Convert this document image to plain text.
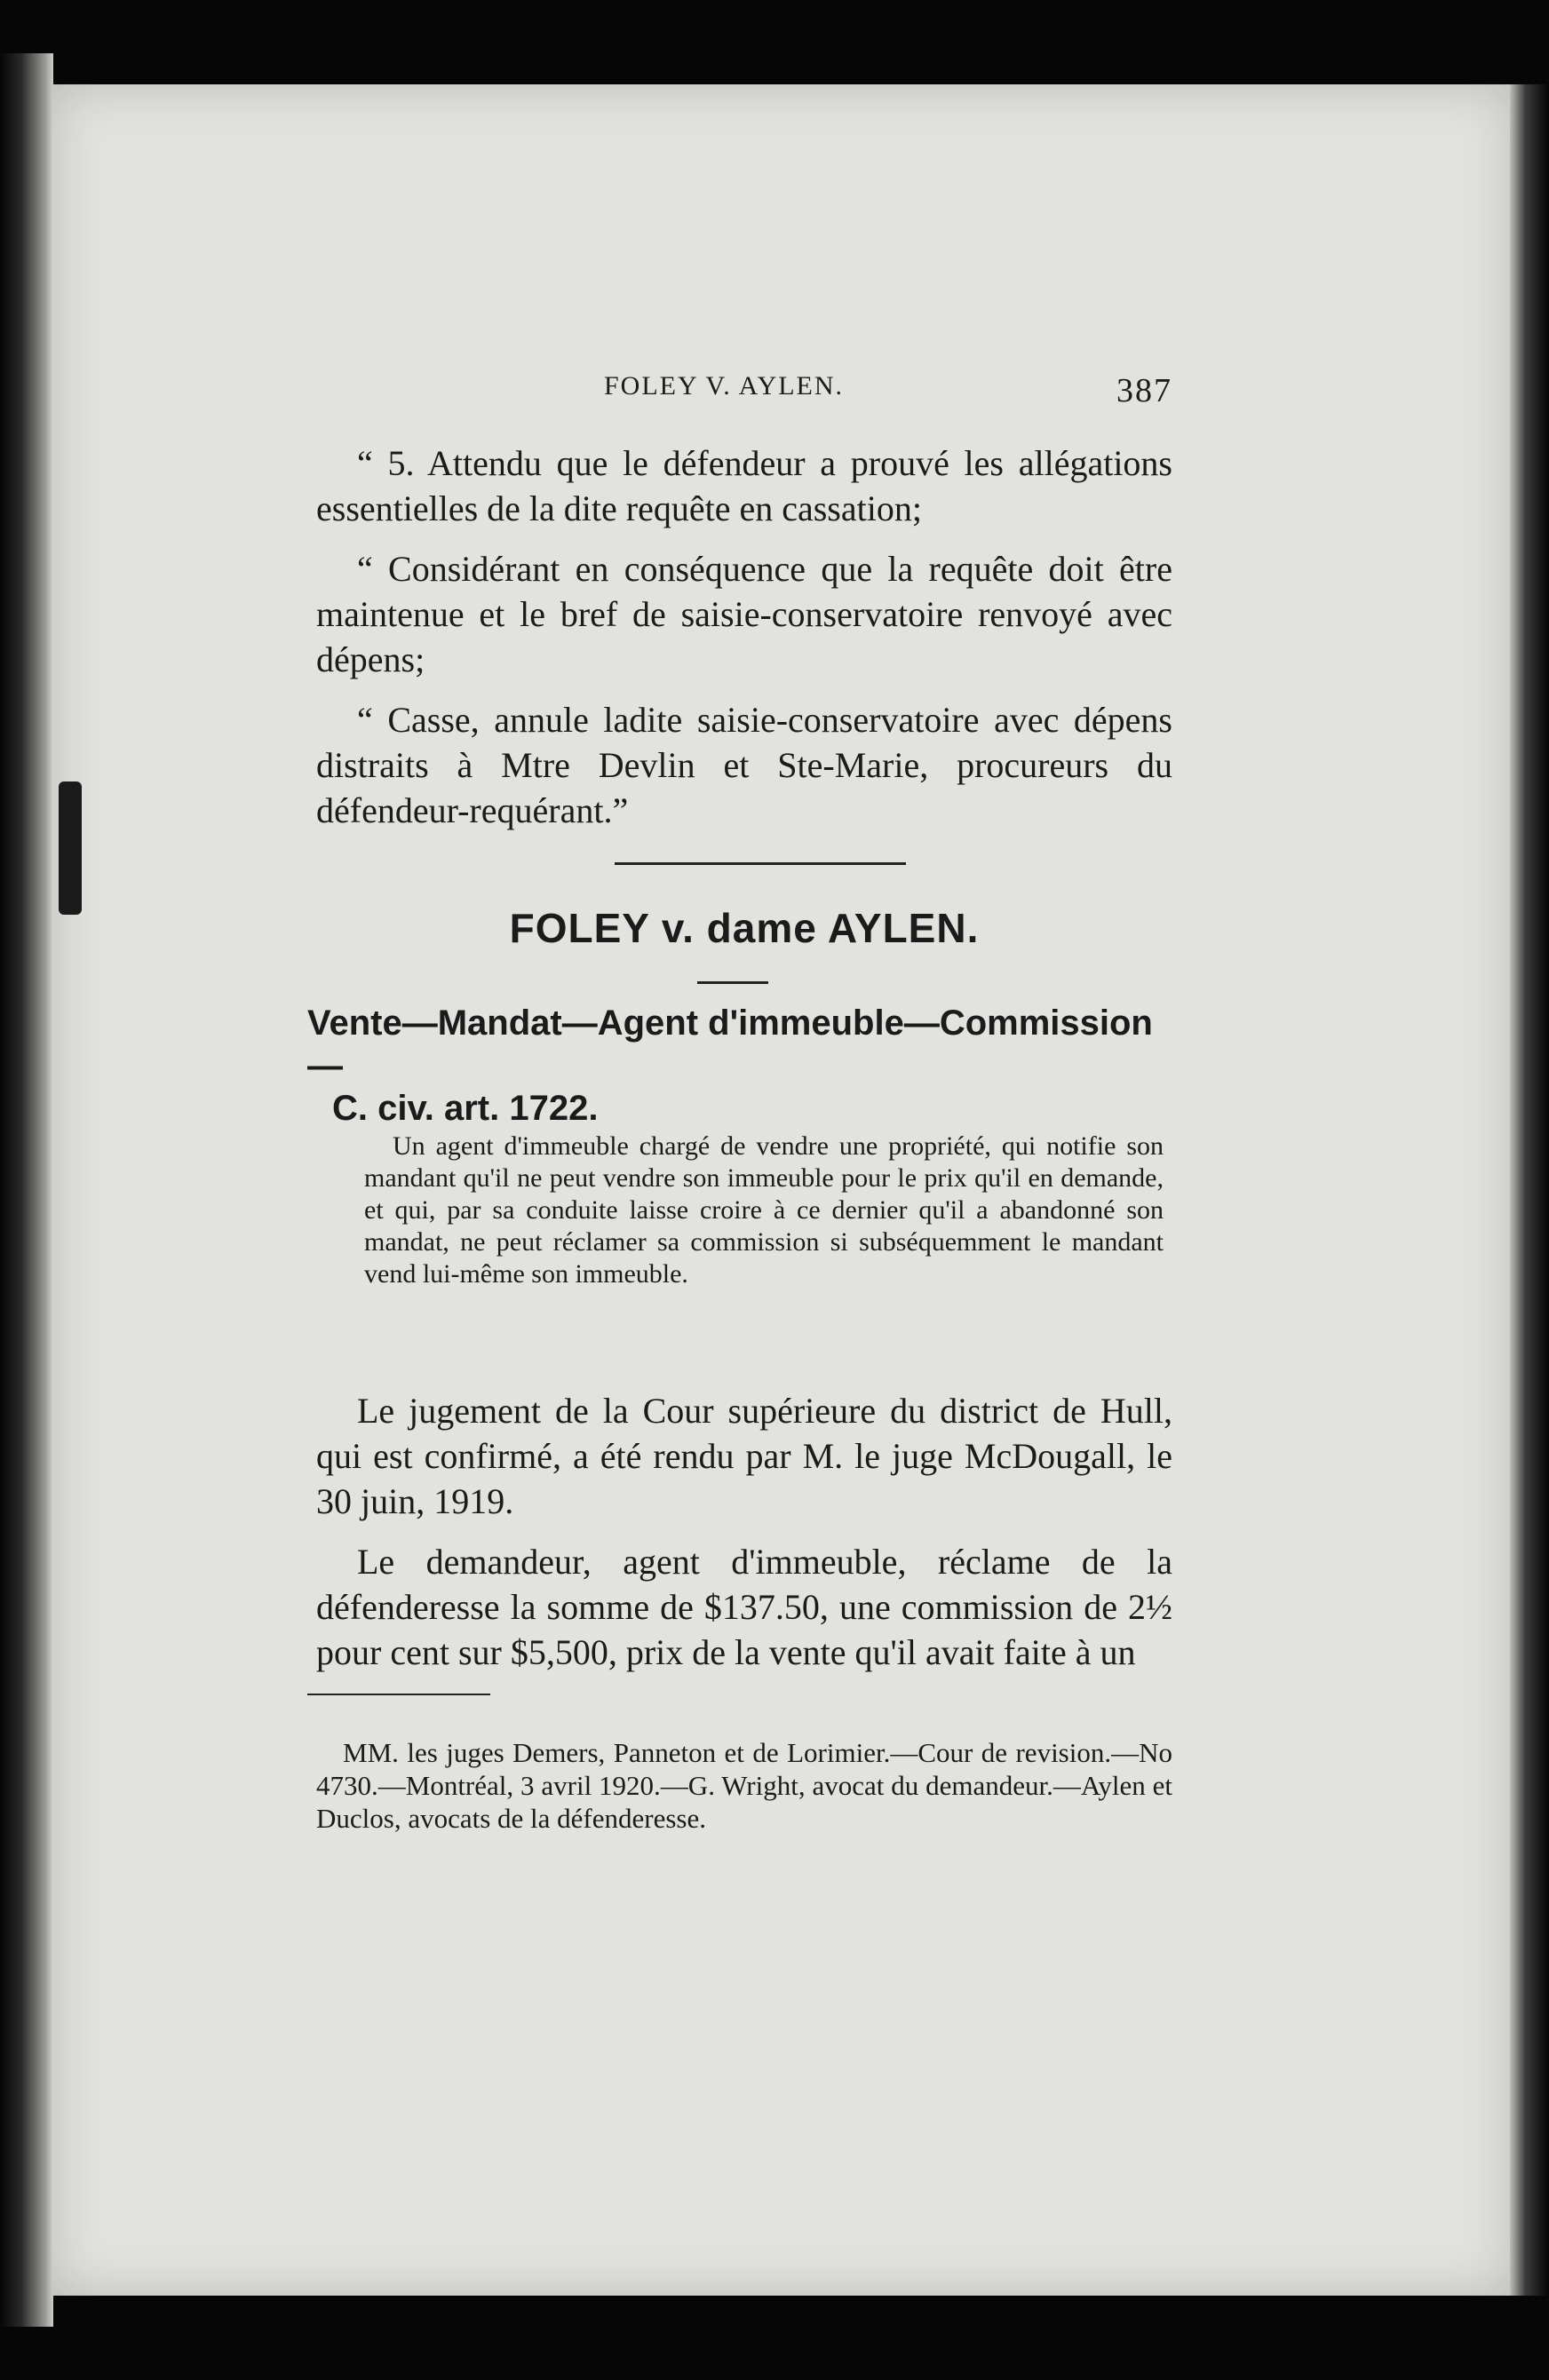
FOLEY V. AYLEN.	387

“ 5. Attendu que le défendeur a prouvé les allégations essentielles de la dite requête en cassation;

“ Considérant en conséquence que la requête doit être maintenue et le bref de saisie-conservatoire renvoyé avec dépens;

“ Casse, annule ladite saisie-conservatoire avec dépens distraits à Mtre Devlin et Ste-Marie, procureurs du défendeur-requérant.”

FOLEY v. dame AYLEN.
Vente—Mandat—Agent d'immeuble—Commission—
C. civ. art. 1722.
Un agent d'immeuble chargé de vendre une propriété, qui notifie son mandant qu'il ne peut vendre son immeuble pour le prix qu'il en demande, et qui, par sa conduite laisse croire à ce dernier qu'il a abandonné son mandat, ne peut réclamer sa commission si subséquemment le mandant vend lui-même son immeuble.

Le jugement de la Cour supérieure du district de Hull, qui est confirmé, a été rendu par M. le juge McDougall, le 30 juin, 1919.

Le demandeur, agent d'immeuble, réclame de la défenderesse la somme de $137.50, une commission de 2½ pour cent sur $5,500, prix de la vente qu'il avait faite à un

MM. les juges Demers, Panneton et de Lorimier.—Cour de revision.—No 4730.—Montréal, 3 avril 1920.—G. Wright, avocat du demandeur.—Aylen et Duclos, avocats de la défenderesse.
